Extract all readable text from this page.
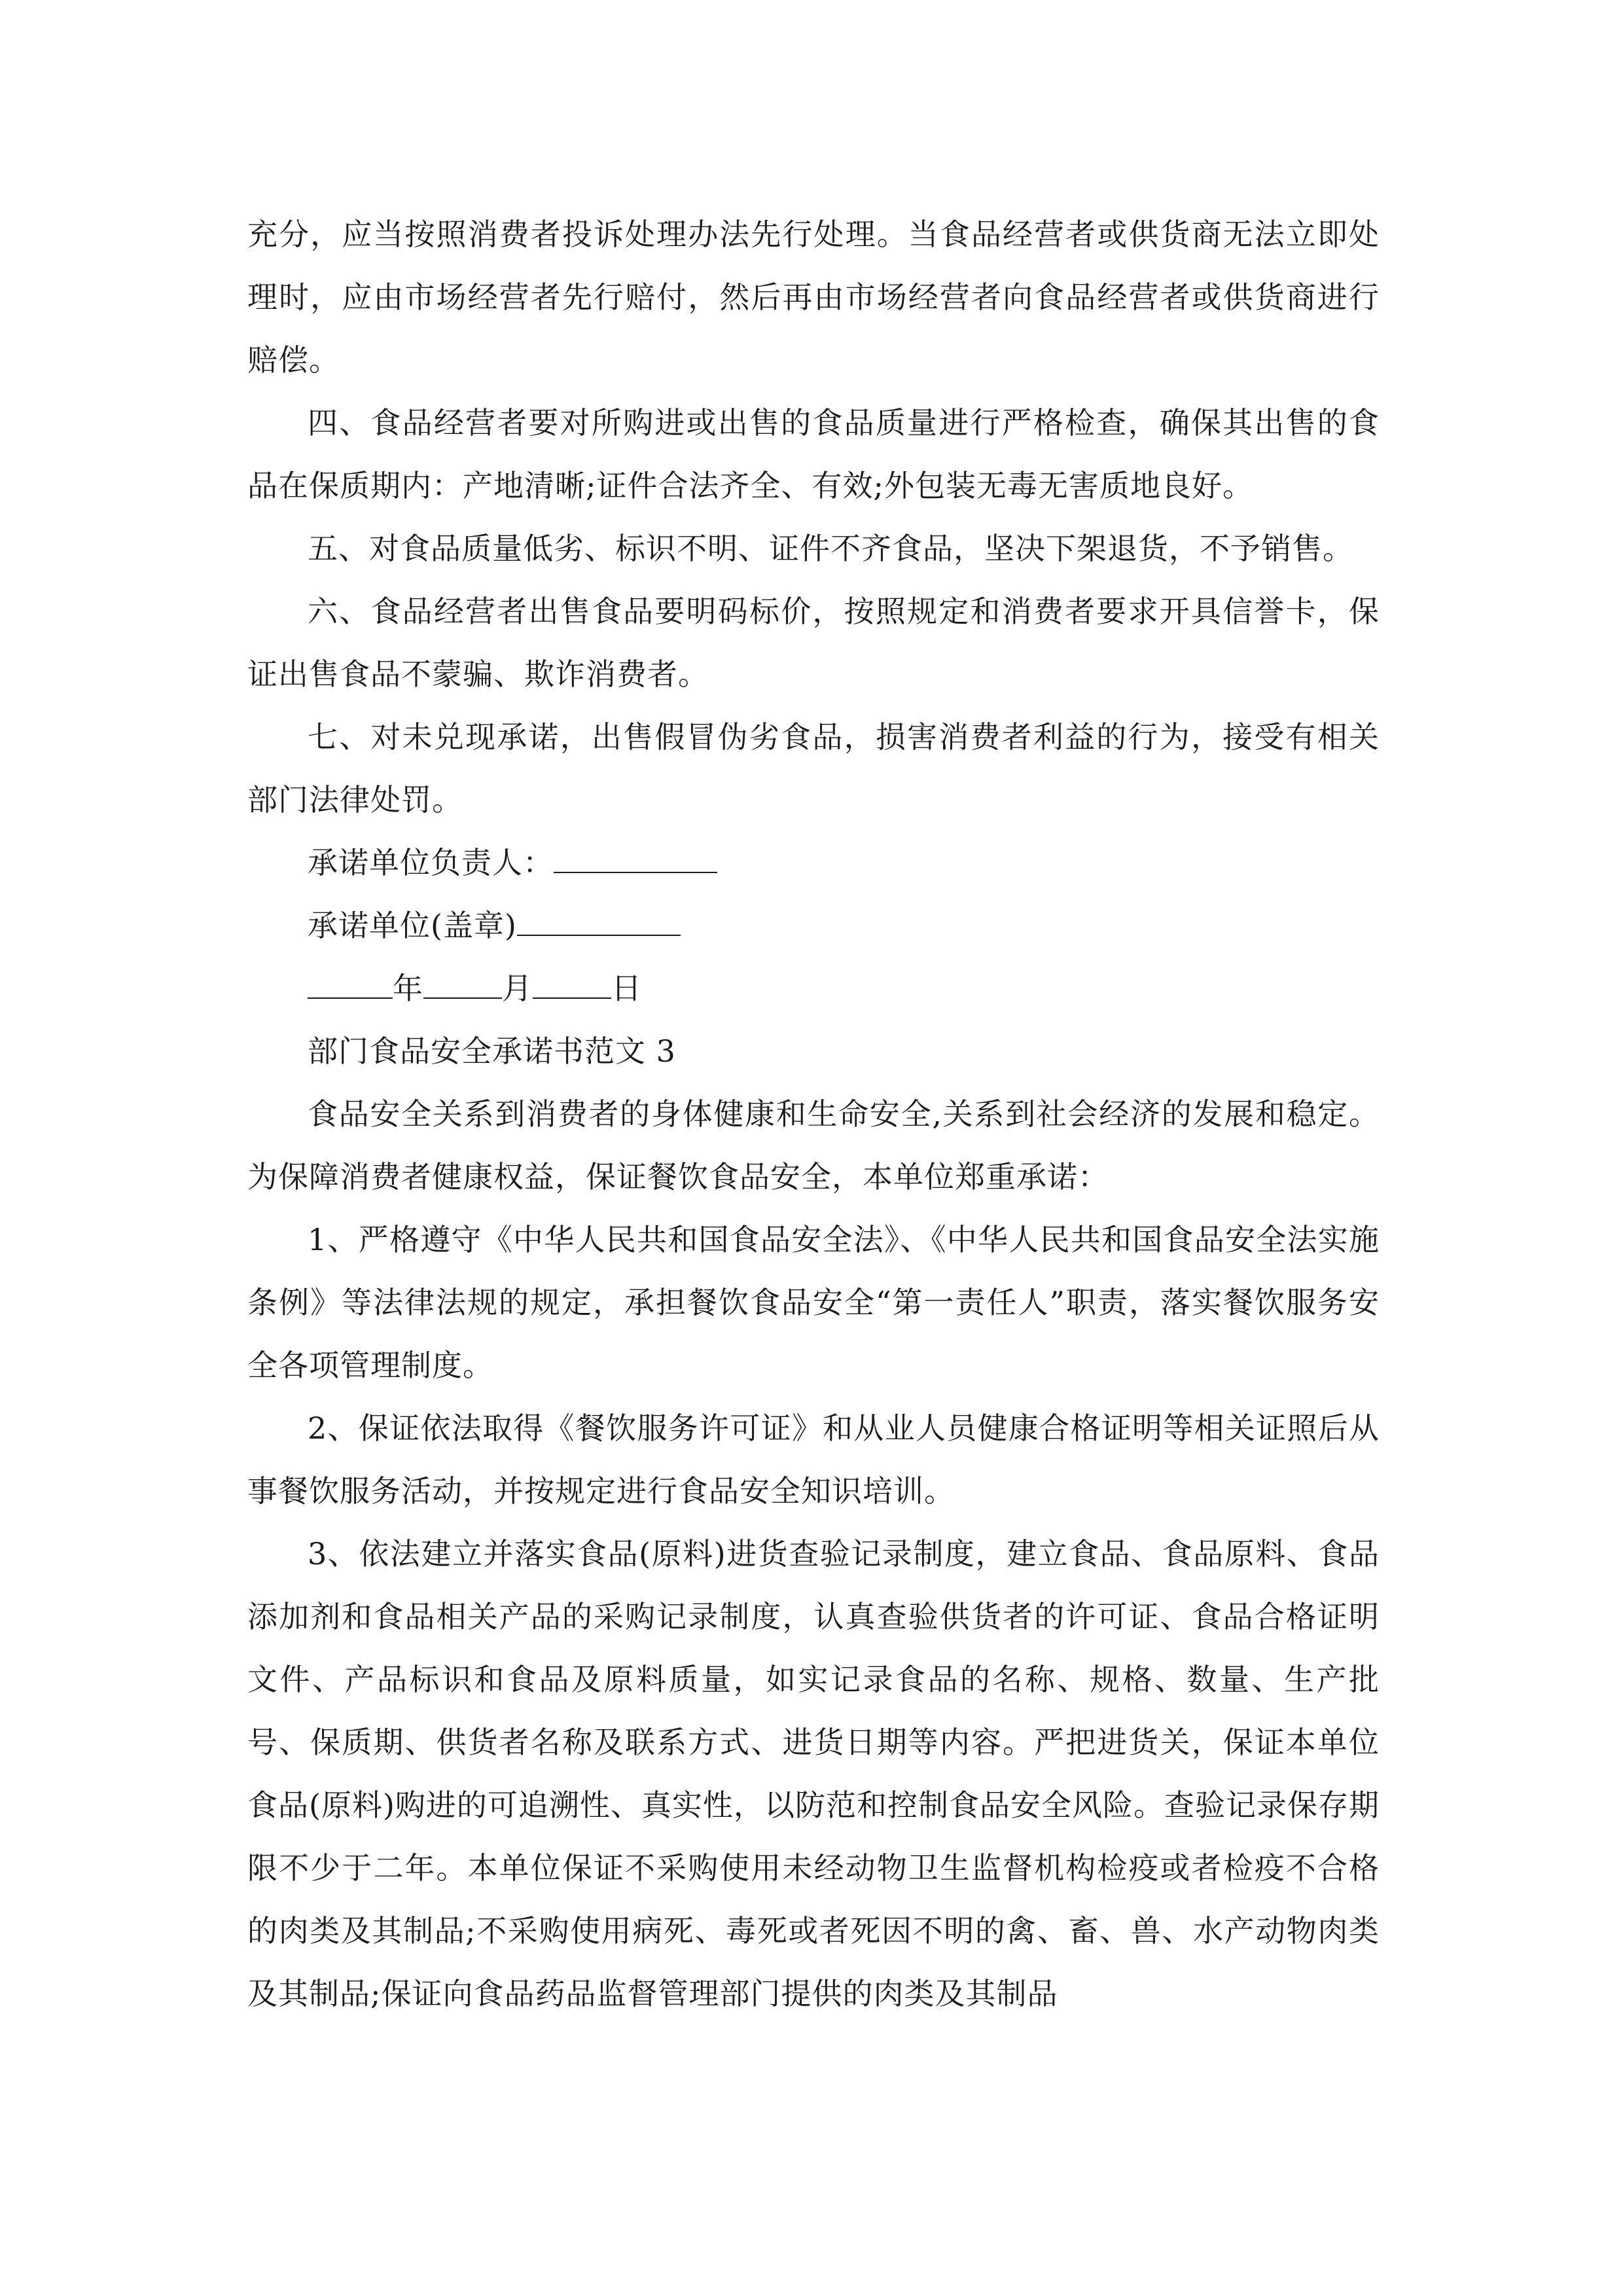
充分，应当按照消费者投诉处理办法先行处理。当食品经营者或供货商无法立即处理时，应由市场经营者先行赔付，然后再由市场经营者向食品经营者或供货商进行赔偿。

四、食品经营者要对所购进或出售的食品质量进行严格检查，确保其出售的食品在保质期内：产地清晰;证件合法齐全、有效;外包装无毒无害质地良好。

五、对食品质量低劣、标识不明、证件不齐食品，坚决下架退货，不予销售。

六、食品经营者出售食品要明码标价，按照规定和消费者要求开具信誉卡，保证出售食品不蒙骗、欺诈消费者。

七、对未兑现承诺，出售假冒伪劣食品，损害消费者利益的行为，接受有相关部门法律处罚。

承诺单位负责人：

承诺单位(盖章)

年	月	日

部门食品安全承诺书范文 3

食品安全关系到消费者的身体健康和生命安全,关系到社会经济的发展和稳定。为保障消费者健康权益，保证餐饮食品安全，本单位郑重承诺：

1、严格遵守《中华人民共和国食品安全法》、《中华人民共和国食品安全法实施条例》等法律法规的规定，承担餐饮食品安全“第一责任人”职责，落实餐饮服务安全各项管理制度。

2、保证依法取得《餐饮服务许可证》和从业人员健康合格证明等相关证照后从事餐饮服务活动，并按规定进行食品安全知识培训。

3、依法建立并落实食品(原料)进货查验记录制度，建立食品、食品原料、食品添加剂和食品相关产品的采购记录制度，认真查验供货者的许可证、食品合格证明文件、产品标识和食品及原料质量，如实记录食品的名称、规格、数量、生产批号、保质期、供货者名称及联系方式、进货日期等内容。严把进货关，保证本单位食品(原料)购进的可追溯性、真实性，以防范和控制食品安全风险。查验记录保存期限不少于二年。本单位保证不采购使用未经动物卫生监督机构检疫或者检疫不合格的肉类及其制品;不采购使用病死、毒死或者死因不明的禽、畜、兽、水产动物肉类及其制品;保证向食品药品监督管理部门提供的肉类及其制品
